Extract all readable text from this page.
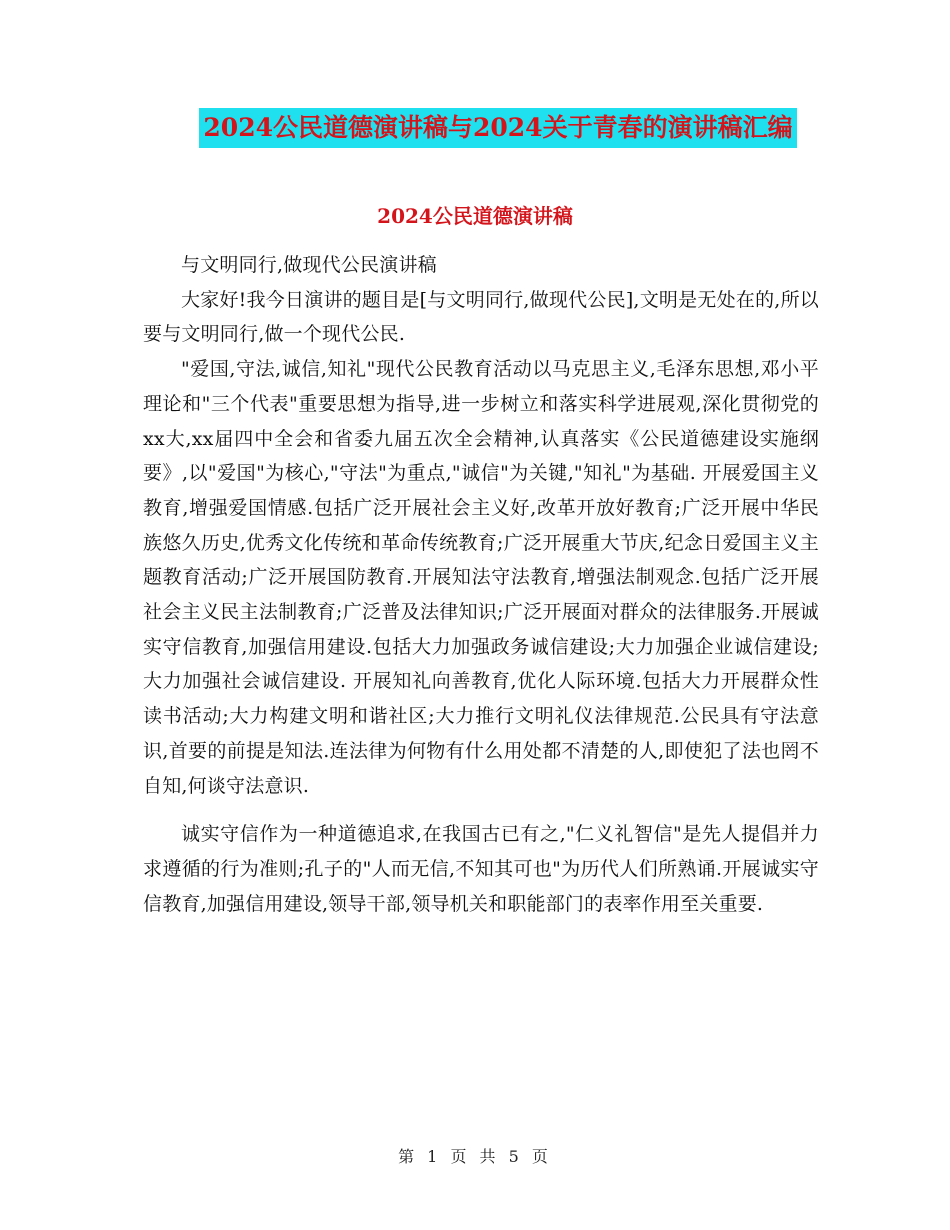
2024公民道德演讲稿与2024关于青春的演讲稿汇编
2024公民道德演讲稿

与文明同行,做现代公民演讲稿

大家好!我今日演讲的题目是[与文明同行,做现代公民],文明是无处在的,所以要与文明同行,做一个现代公民.

"爱国,守法,诚信,知礼"现代公民教育活动以马克思主义,毛泽东思想,邓小平理论和"三个代表"重要思想为指导,进一步树立和落实科学进展观,深化贯彻党的xx大,xx届四中全会和省委九届五次全会精神,认真落实《公民道德建设实施纲要》,以"爱国"为核心,"守法"为重点,"诚信"为关键,"知礼"为基础. 开展爱国主义教育,增强爱国情感.包括广泛开展社会主义好,改革开放好教育;广泛开展中华民族悠久历史,优秀文化传统和革命传统教育;广泛开展重大节庆,纪念日爱国主义主题教育活动;广泛开展国防教育.开展知法守法教育,增强法制观念.包括广泛开展社会主义民主法制教育;广泛普及法律知识;广泛开展面对群众的法律服务.开展诚实守信教育,加强信用建设.包括大力加强政务诚信建设;大力加强企业诚信建设;大力加强社会诚信建设. 开展知礼向善教育,优化人际环境.包括大力开展群众性读书活动;大力构建文明和谐社区;大力推行文明礼仪法律规范.公民具有守法意识,首要的前提是知法.连法律为何物有什么用处都不清楚的人,即使犯了法也罔不自知,何谈守法意识.

诚实守信作为一种道德追求,在我国古已有之,"仁义礼智信"是先人提倡并力求遵循的行为准则;孔子的"人而无信,不知其可也"为历代人们所熟诵.开展诚实守信教育,加强信用建设,领导干部,领导机关和职能部门的表率作用至关重要.

第 1 页 共 5 页
